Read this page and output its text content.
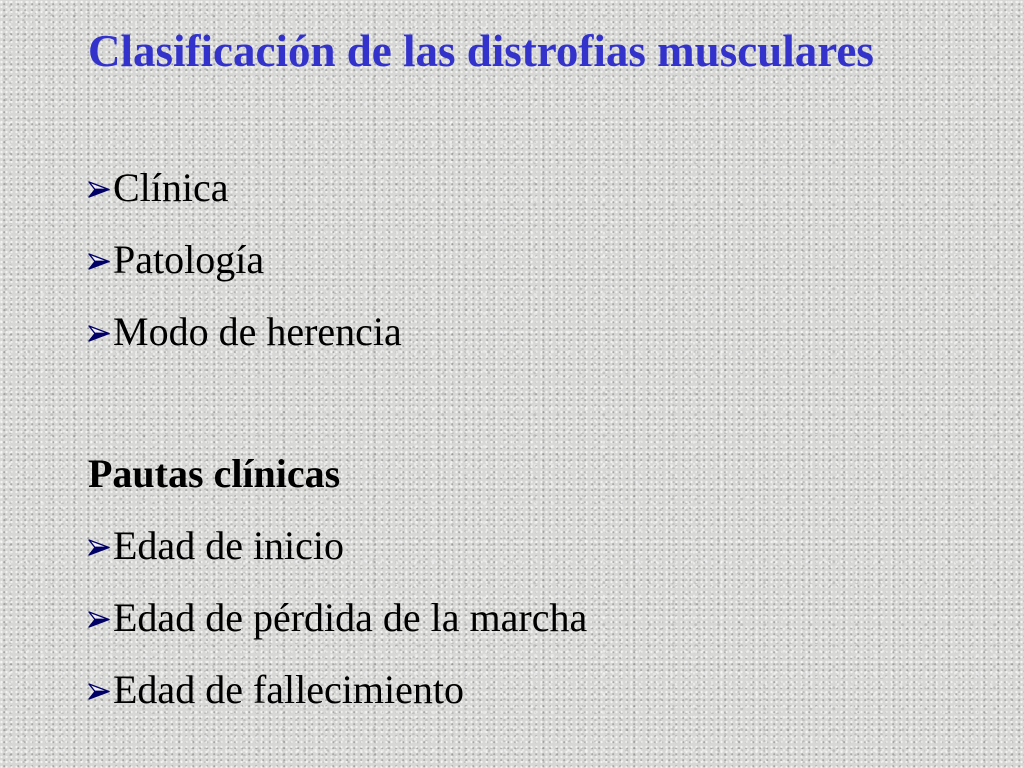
Clasificación de las distrofias musculares
Clínica
Patología
Modo de herencia
Pautas clínicas
Edad de inicio
Edad de pérdida de la marcha
Edad de fallecimiento
